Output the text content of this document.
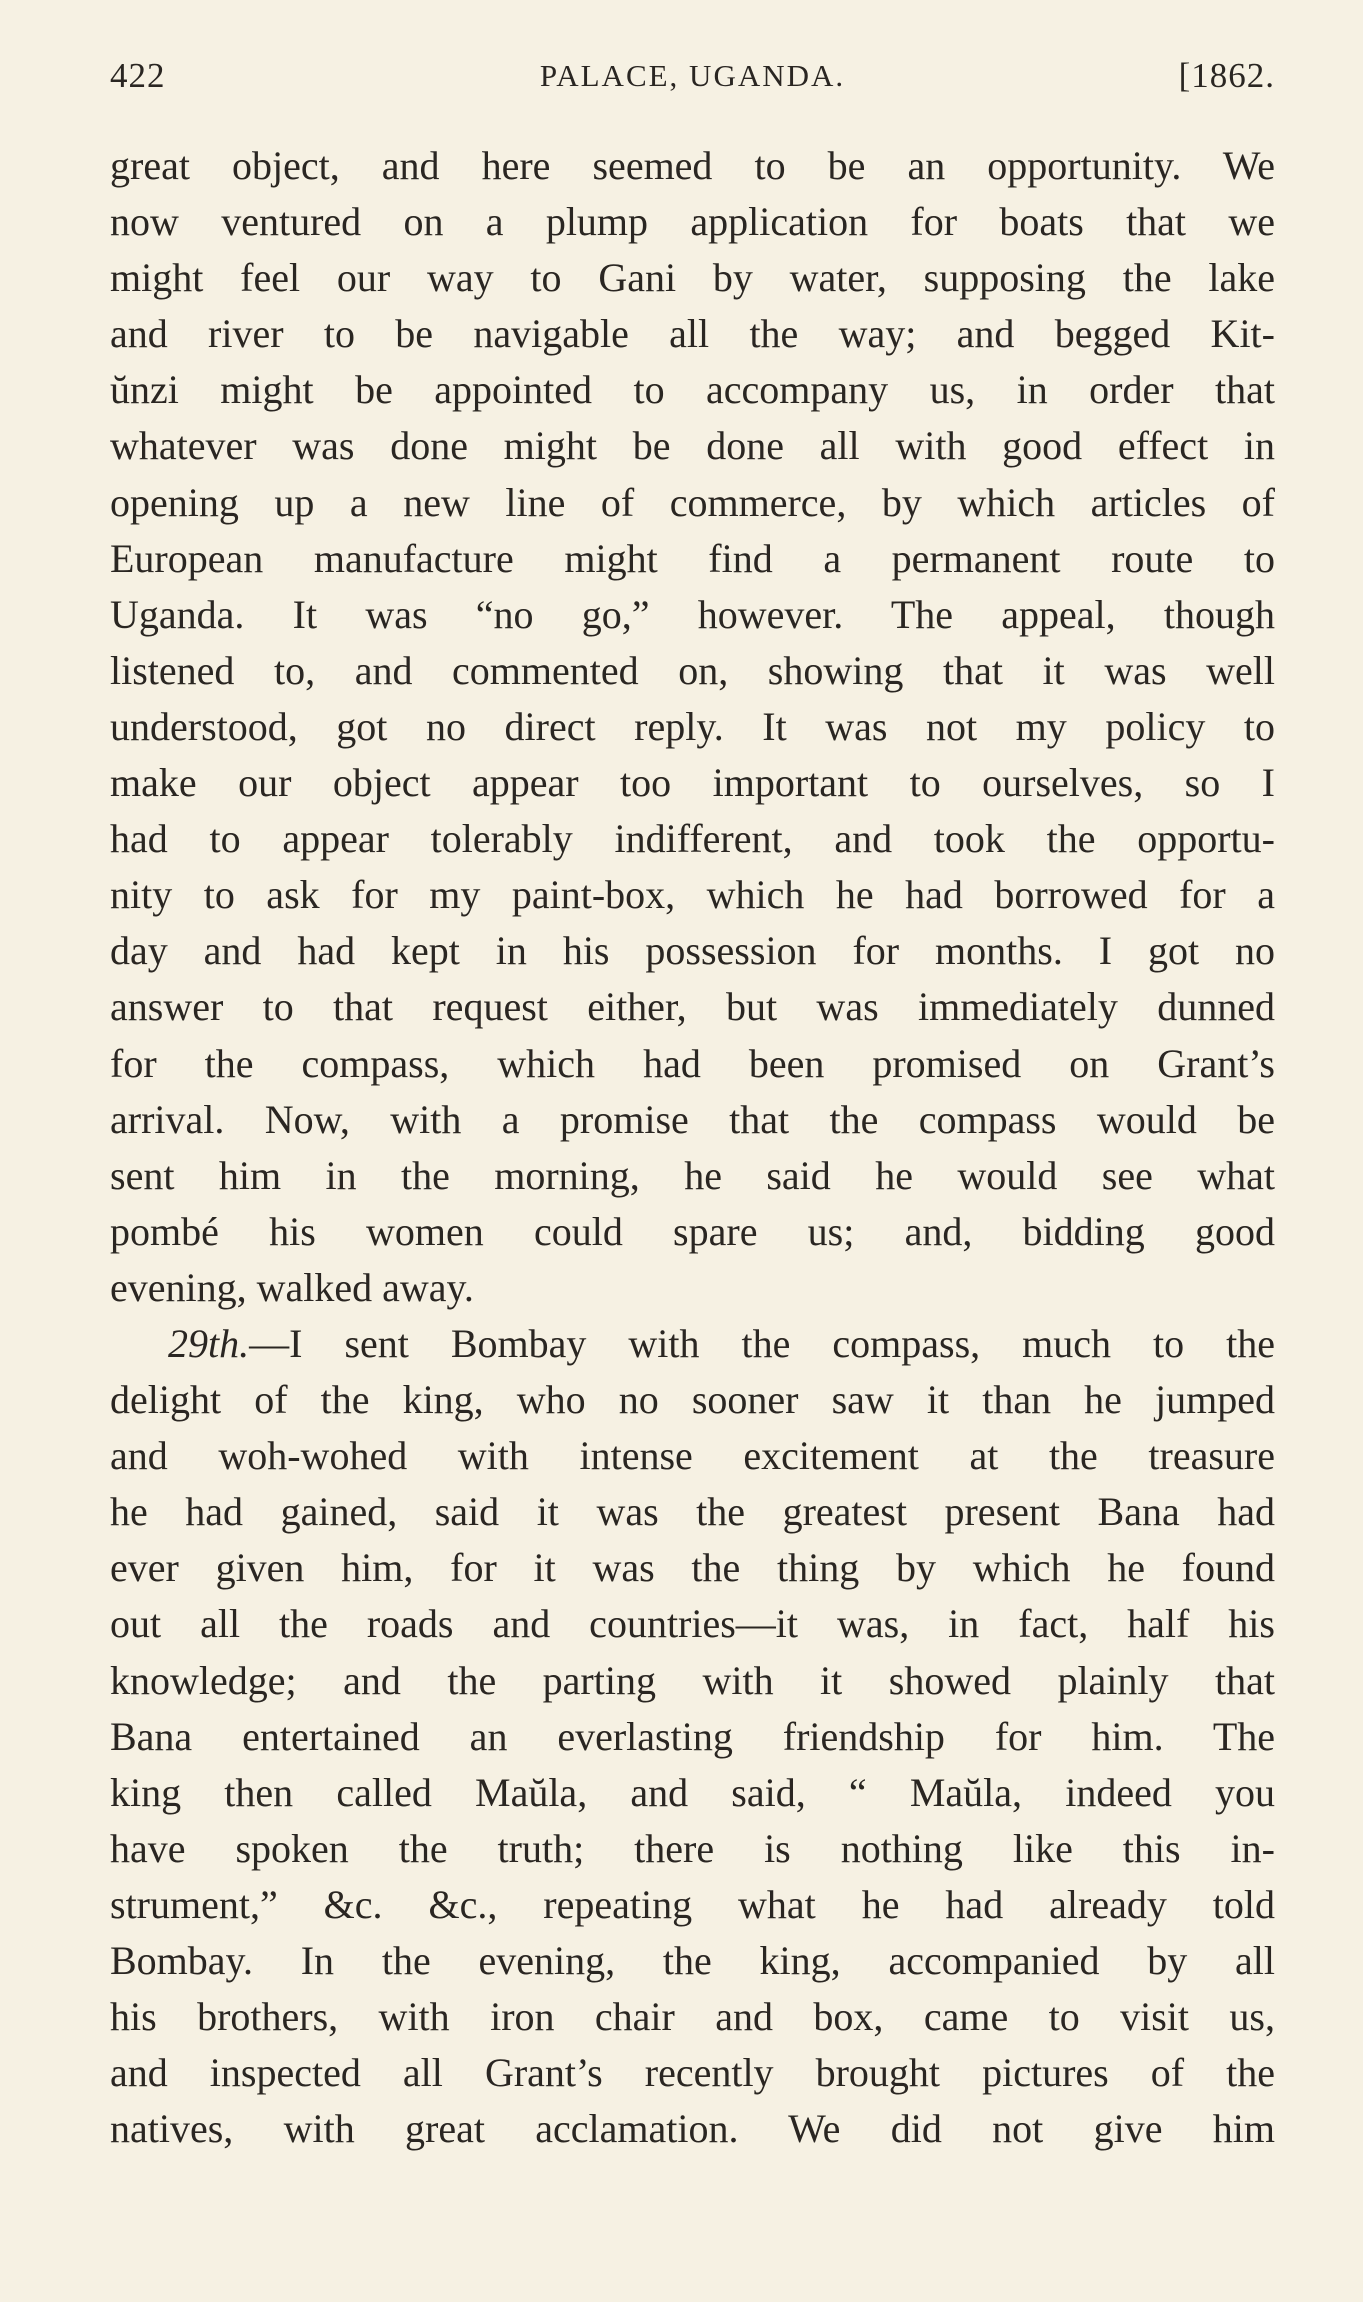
422	PALACE, UGANDA.	[1862.
great object, and here seemed to be an opportunity. We
now ventured on a plump application for boats that we
might feel our way to Gani by water, supposing the lake
and river to be navigable all the way; and begged Kit-
ŭnzi might be appointed to accompany us, in order that
whatever was done might be done all with good effect in
opening up a new line of commerce, by which articles of
European manufacture might find a permanent route to
Uganda. It was “no go,” however. The appeal, though
listened to, and commented on, showing that it was well
understood, got no direct reply. It was not my policy to
make our object appear too important to ourselves, so I
had to appear tolerably indifferent, and took the opportu-
nity to ask for my paint-box, which he had borrowed for a
day and had kept in his possession for months. I got no
answer to that request either, but was immediately dunned
for the compass, which had been promised on Grant’s
arrival. Now, with a promise that the compass would be
sent him in the morning, he said he would see what
pombé his women could spare us; and, bidding good
evening, walked away.
29th.—I sent Bombay with the compass, much to the
delight of the king, who no sooner saw it than he jumped
and woh-wohed with intense excitement at the treasure
he had gained, said it was the greatest present Bana had
ever given him, for it was the thing by which he found
out all the roads and countries—it was, in fact, half his
knowledge; and the parting with it showed plainly that
Bana entertained an everlasting friendship for him. The
king then called Maŭla, and said, “ Maŭla, indeed you
have spoken the truth; there is nothing like this in-
strument,” &c. &c., repeating what he had already told
Bombay. In the evening, the king, accompanied by all
his brothers, with iron chair and box, came to visit us,
and inspected all Grant’s recently brought pictures of the
natives, with great acclamation. We did not give him
